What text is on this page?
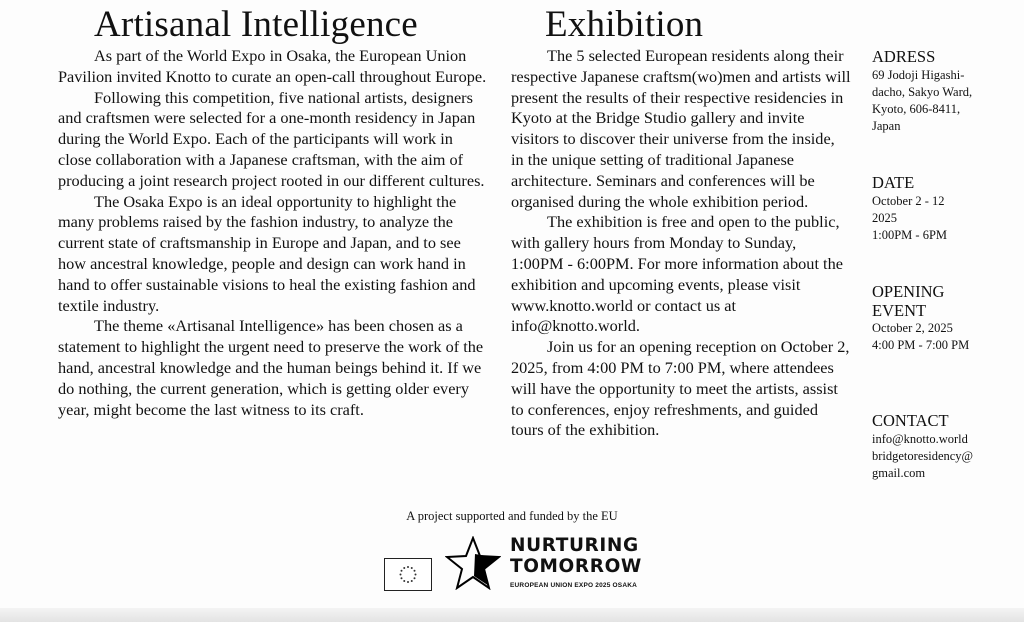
Artisanal Intelligence	Exhibition

As part of the World Expo in Osaka, the European Union Pavilion invited Knotto to curate an open-call throughout Europe.

Following this competition, five national artists, designers and craftsmen were selected for a one-month residency in Japan during the World Expo. Each of the participants will work in close collaboration with a Japanese craftsman, with the aim of producing a joint research project rooted in our different cultures.

The Osaka Expo is an ideal opportunity to highlight the many problems raised by the fashion industry, to analyze the current state of craftsmanship in Europe and Japan, and to see how ancestral knowledge, people and design can work hand in hand to offer sustainable visions to heal the existing fashion and textile industry.

The theme «Artisanal Intelligence» has been chosen as a statement to highlight the urgent need to preserve the work of the hand, ancestral knowledge and the human beings behind it. If we do nothing, the current generation, which is getting older every year, might become the last witness to its craft.

The 5 selected European residents along their respective Japanese craftsm(wo)men and artists will present the results of their respective residencies in Kyoto at the Bridge Studio gallery and invite visitors to discover their universe from the inside, in the unique setting of traditional Japanese architecture. Seminars and conferences will be organised during the whole exhibition period.

The exhibition is free and open to the public, with gallery hours from Monday to Sunday, 1:00PM - 6:00PM. For more information about the exhibition and upcoming events, please visit www.knotto.world or contact us at info@knotto.world.

Join us for an opening reception on October 2, 2025, from 4:00 PM to 7:00 PM, where attendees will have the opportunity to meet the artists, assist to conferences, enjoy refreshments, and guided tours of the exhibition.

ADRESS
69 Jodoji Higashi-
dacho, Sakyo Ward,
Kyoto, 606-8411,
Japan
DATE
October 2 - 12
2025
1:00PM - 6PM
OPENING
EVENT
October 2, 2025
4:00 PM - 7:00 PM
CONTACT
info@knotto.world
bridgetoresidency@
gmail.com
A project supported and funded by the EU
NURTURING
TOMORROW
EUROPEAN UNION EXPO 2025 OSAKA
